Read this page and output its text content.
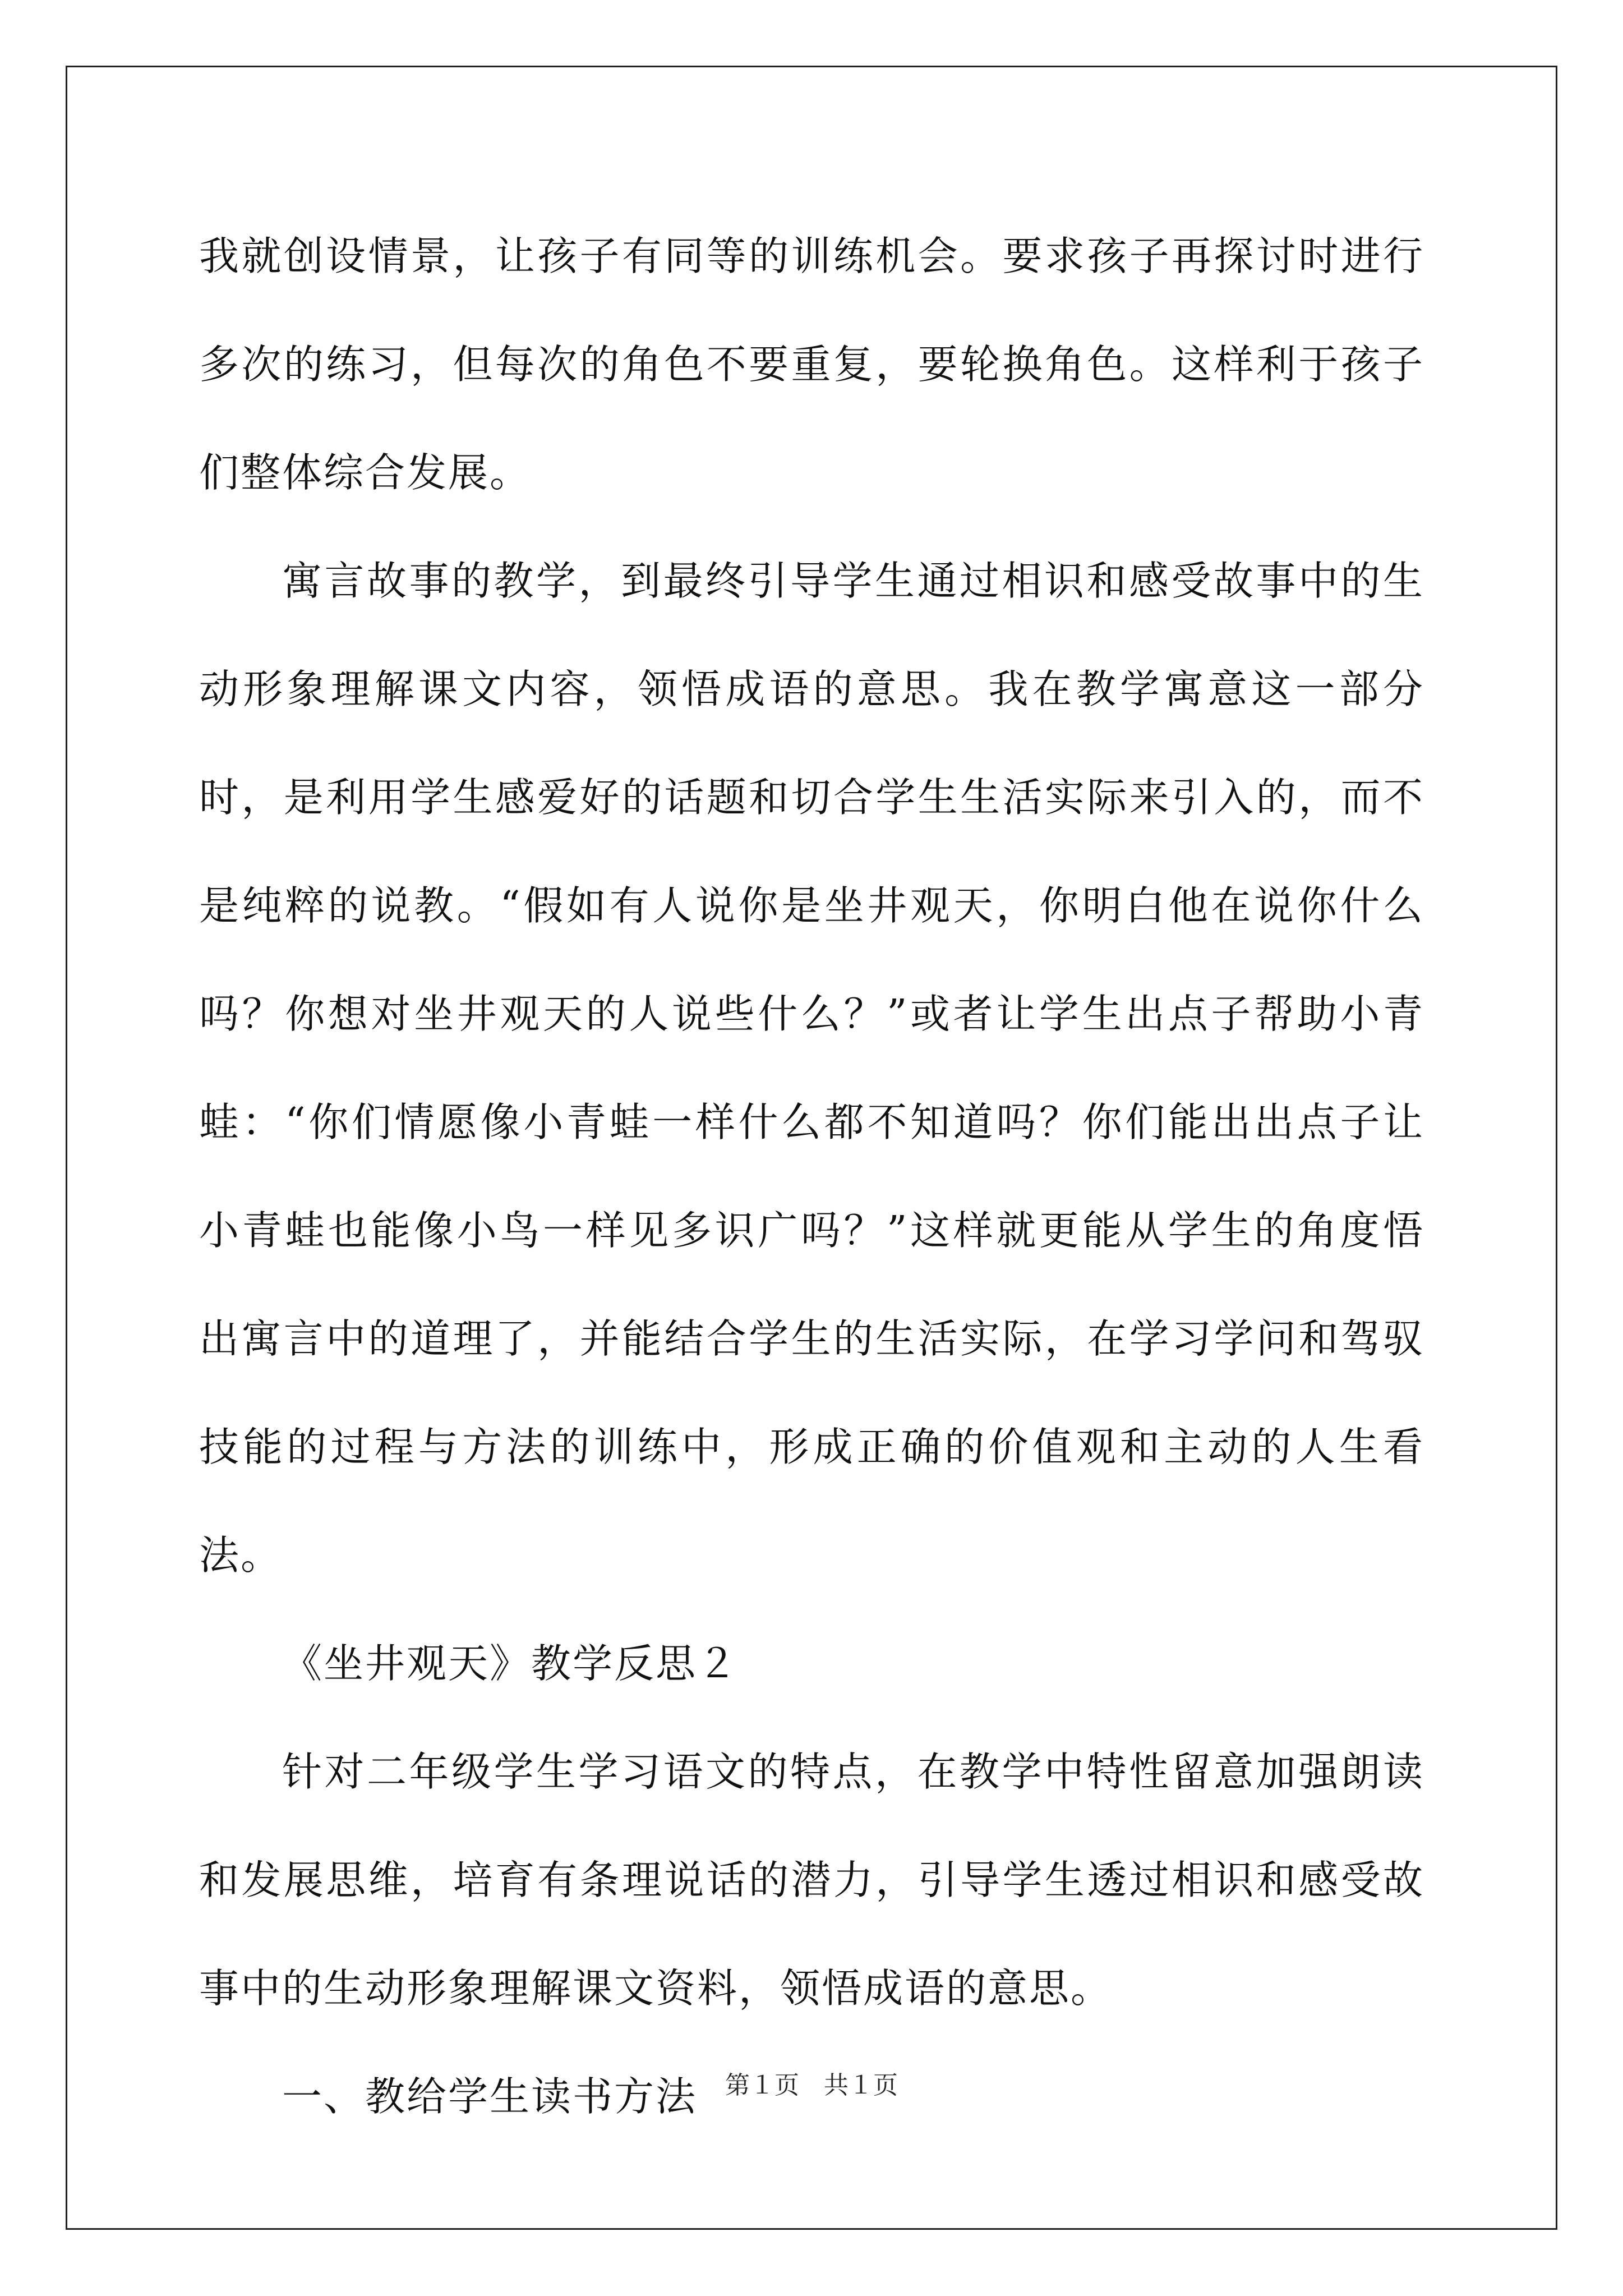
我就创设情景，让孩子有同等的训练机会。要求孩子再探讨时进行多次的练习，但每次的角色不要重复，要轮换角色。这样利于孩子们整体综合发展。

寓言故事的教学，到最终引导学生通过相识和感受故事中的生动形象理解课文内容，领悟成语的意思。我在教学寓意这一部分时，是利用学生感爱好的话题和切合学生生活实际来引入的，而不是纯粹的说教。“假如有人说你是坐井观天，你明白他在说你什么吗？你想对坐井观天的人说些什么？”或者让学生出点子帮助小青蛙：“你们情愿像小青蛙一样什么都不知道吗？你们能出出点子让小青蛙也能像小鸟一样见多识广吗？”这样就更能从学生的角度悟出寓言中的道理了，并能结合学生的生活实际，在学习学问和驾驭技能的过程与方法的训练中，形成正确的价值观和主动的人生看法。

《坐井观天》教学反思２

针对二年级学生学习语文的特点，在教学中特性留意加强朗读和发展思维，培育有条理说话的潜力，引导学生透过相识和感受故事中的生动形象理解课文资料，领悟成语的意思。

一、教给学生读书方法	第１页　共１页
